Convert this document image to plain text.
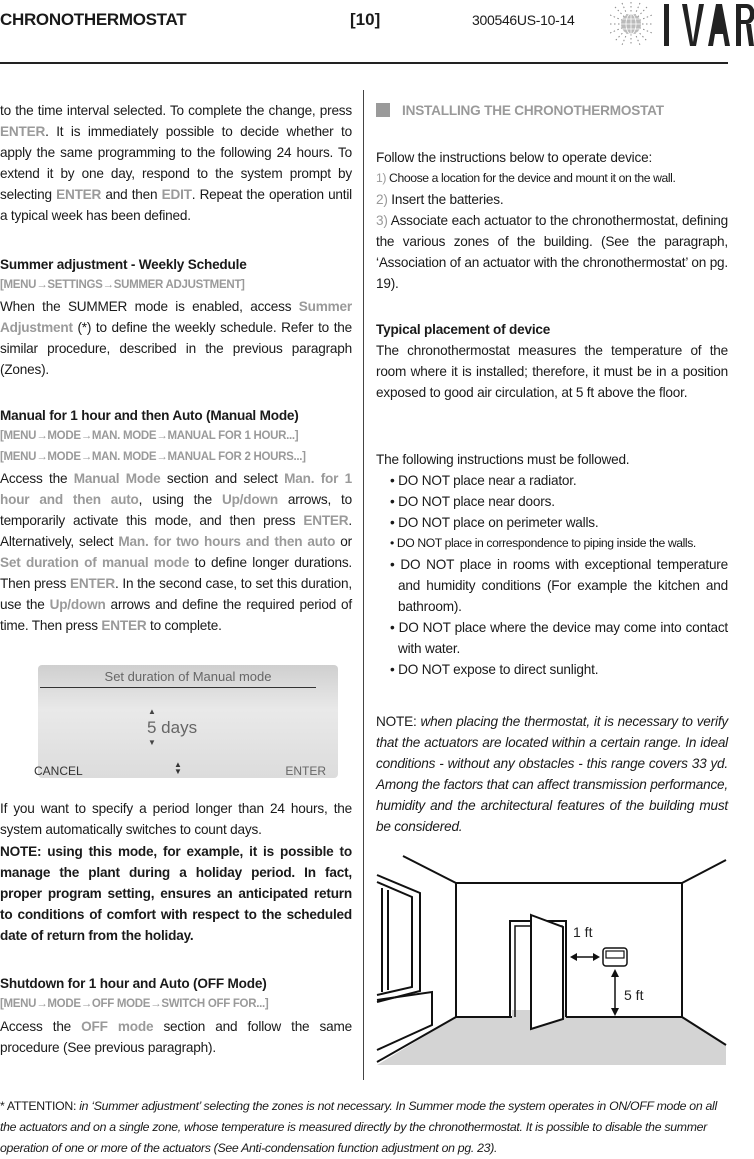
CHRONOTHERMOSTAT	[10]	300546US-10-14
to the time interval selected. To complete the change, press ENTER. It is immediately possible to decide whether to apply the same programming to the following 24 hours. To extend it by one day, respond to the system prompt by selecting ENTER and then EDIT. Repeat the operation until a typical week has been defined.
Summer adjustment - Weekly Schedule
[MENU→SETTINGS→SUMMER ADJUSTMENT]
When the SUMMER mode is enabled, access Summer Adjustment (*) to define the weekly schedule. Refer to the similar procedure, described in the previous paragraph (Zones).
Manual for 1 hour and then Auto (Manual Mode)
[MENU→MODE→MAN. MODE→MANUAL FOR 1 HOUR...]
[MENU→MODE→MAN. MODE→MANUAL FOR 2 HOURS...]
Access the Manual Mode section and select Man. for 1 hour and then auto, using the Up/down arrows, to temporarily activate this mode, and then press ENTER. Alternatively, select Man. for two hours and then auto or Set duration of manual mode to define longer durations. Then press ENTER. In the second case, to set this duration, use the Up/down arrows and define the required period of time. Then press ENTER to complete.
Set duration of Manual mode
▲
5 days
▼
CANCEL	▲
▼	ENTER
If you want to specify a period longer than 24 hours, the system automatically switches to count days.
NOTE: using this mode, for example, it is possible to manage the plant during a holiday period. In fact, proper program setting, ensures an anticipated return to conditions of comfort with respect to the scheduled date of return from the holiday.
Shutdown for 1 hour and Auto (OFF Mode)
[MENU→MODE→OFF MODE→SWITCH OFF FOR...]
Access the OFF mode section and follow the same procedure (See previous paragraph).
INSTALLING THE CHRONOTHERMOSTAT
Follow the instructions below to operate device:
1) Choose a location for the device and mount it on the wall.
2) Insert the batteries.
3) Associate each actuator to the chronothermostat, defining the various zones of the building. (See the paragraph, ‘Association of an actuator with the chronothermostat’ on pg. 19).
Typical placement of device
The chronothermostat measures the temperature of the room where it is installed; therefore, it must be in a position exposed to good air circulation, at 5 ft above the floor.
The following instructions must be followed.
• DO NOT place near a radiator.
• DO NOT place near doors.
• DO NOT place on perimeter walls.
• DO NOT place in correspondence to piping inside the walls.
• DO NOT place in rooms with exceptional temperature and humidity conditions (For example the kitchen and bathroom).
• DO NOT place where the device may come into contact with water.
• DO NOT expose to direct sunlight.
NOTE: when placing the thermostat, it is necessary to verify that the actuators are located within a certain range. In ideal conditions - without any obstacles - this range covers 33 yd. Among the factors that can affect transmission performance, humidity and the architectural features of the building must be considered.
1 ft
5 ft
* ATTENTION: in ‘Summer adjustment’ selecting the zones is not necessary. In Summer mode the system operates in ON/OFF mode on all the actuators and on a single zone, whose temperature is measured directly by the chronothermostat. It is possible to disable the summer operation of one or more of the actuators (See Anti-condensation function adjustment on pg. 23).
